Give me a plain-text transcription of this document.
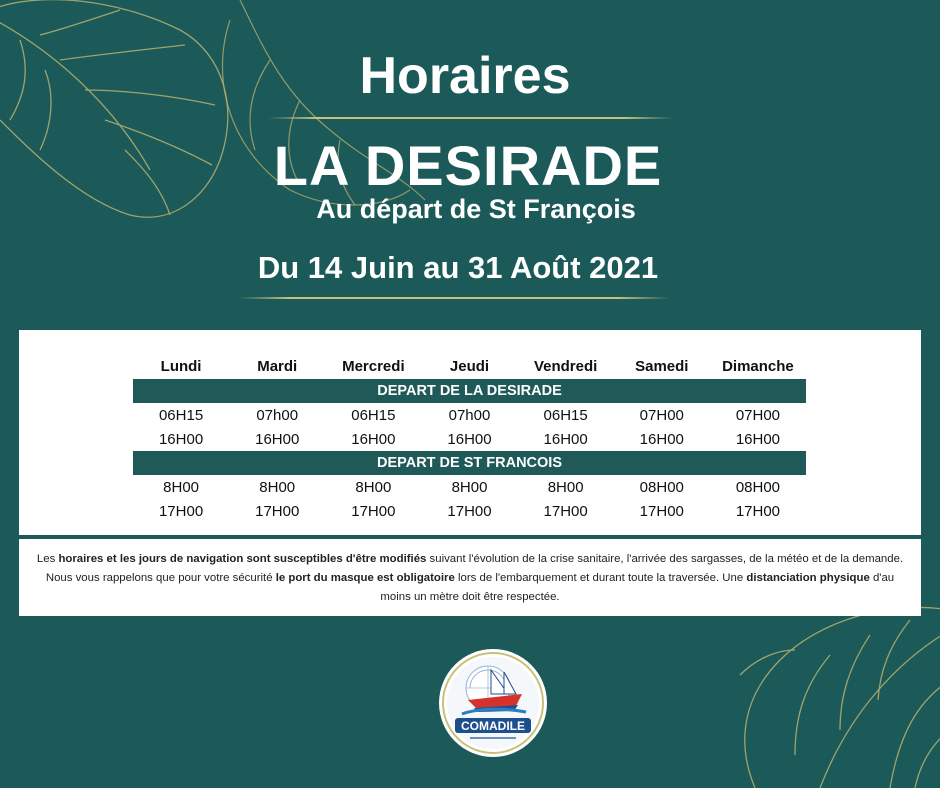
Horaires
LA DESIRADE
Au départ de St François
Du 14 Juin au 31 Août 2021
Lundi	Mardi	Mercredi	Jeudi	Vendredi	Samedi	Dimanche
DEPART DE LA DESIRADE						
06H15	07h00	06H15	07h00	06H15	07H00	07H00
16H00	16H00	16H00	16H00	16H00	16H00	16H00
DEPART DE ST FRANCOIS						
8H00	8H00	8H00	8H00	8H00	08H00	08H00
17H00	17H00	17H00	17H00	17H00	17H00	17H00
Les horaires et les jours de navigation sont susceptibles d'être modifiés suivant l'évolution de la crise sanitaire, l'arrivée des sargasses, de la météo et de la demande. Nous vous rappelons que pour votre sécurité le port du masque est obligatoire lors de l'embarquement et durant toute la traversée. Une distanciation physique d'au moins un mètre doit être respectée.
COMADILE
